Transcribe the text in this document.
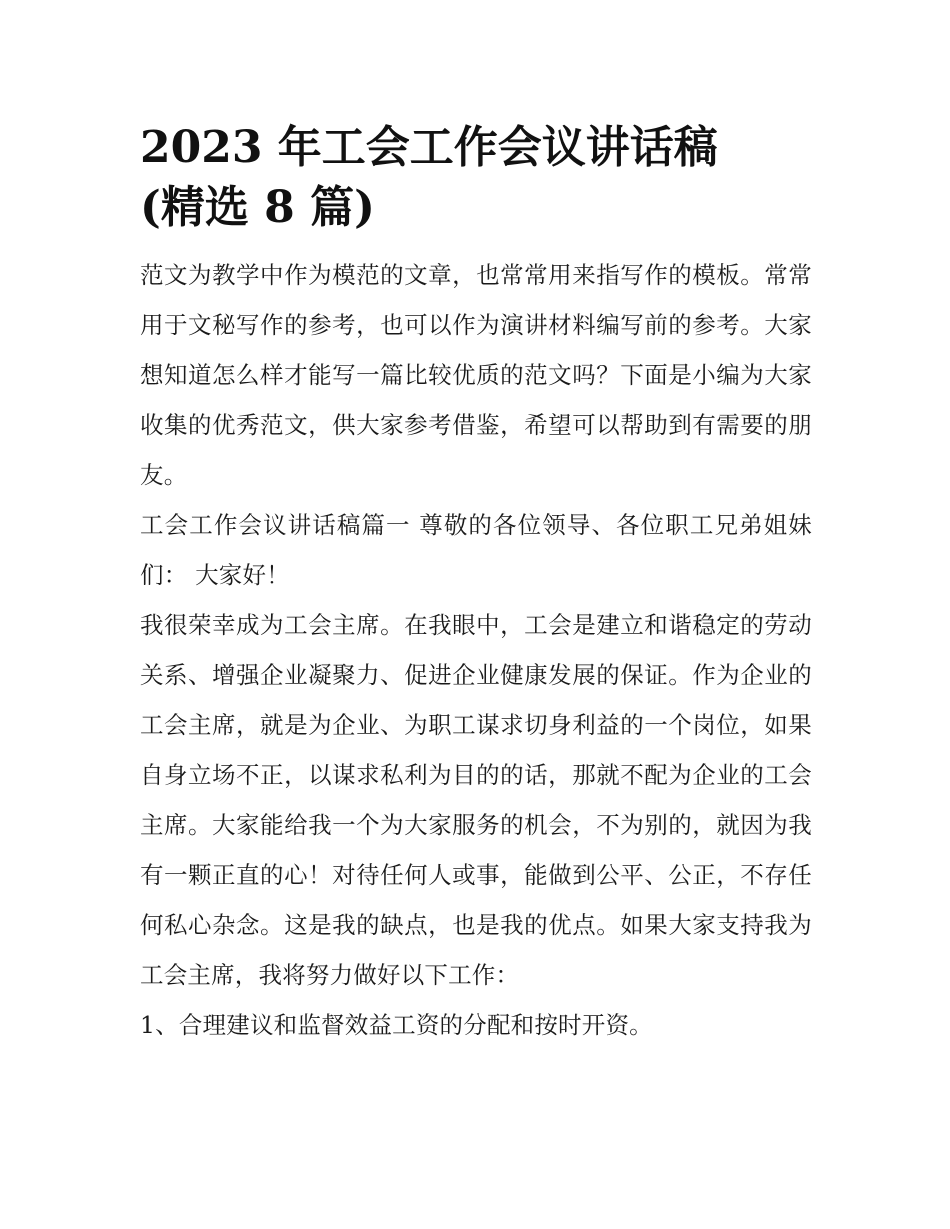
2023 年工会工作会议讲话稿
(精选 8 篇)

范文为教学中作为模范的文章，也常常用来指写作的模板。常常用于文秘写作的参考，也可以作为演讲材料编写前的参考。大家想知道怎么样才能写一篇比较优质的范文吗？下面是小编为大家收集的优秀范文，供大家参考借鉴，希望可以帮助到有需要的朋友。

工会工作会议讲话稿篇一 尊敬的各位领导、各位职工兄弟姐妹们： 大家好！

我很荣幸成为工会主席。在我眼中，工会是建立和谐稳定的劳动关系、增强企业凝聚力、促进企业健康发展的保证。作为企业的工会主席，就是为企业、为职工谋求切身利益的一个岗位，如果自身立场不正，以谋求私利为目的的话，那就不配为企业的工会主席。大家能给我一个为大家服务的机会，不为别的，就因为我有一颗正直的心！对待任何人或事，能做到公平、公正，不存任何私心杂念。这是我的缺点，也是我的优点。如果大家支持我为工会主席，我将努力做好以下工作：

1、合理建议和监督效益工资的分配和按时开资。
